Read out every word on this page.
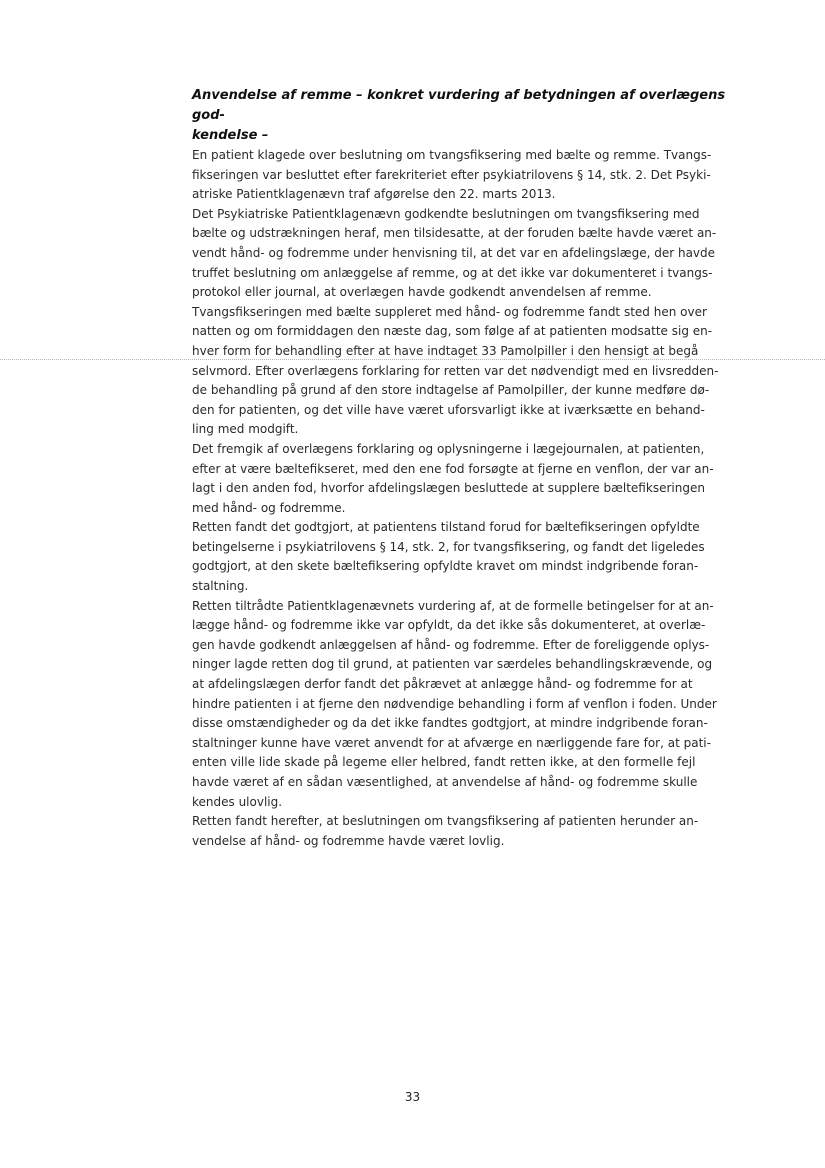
Anvendelse af remme – konkret vurdering af betydningen af overlægens god-
kendelse –
En patient klagede over beslutning om tvangsfiksering med bælte og remme. Tvangs-
fikseringen var besluttet efter farekriteriet efter psykiatrilovens § 14, stk. 2. Det Psyki-
atriske Patientklagenævn traf afgørelse den 22. marts 2013.
Det Psykiatriske Patientklagenævn godkendte beslutningen om tvangsfiksering med
bælte og udstrækningen heraf, men tilsidesatte, at der foruden bælte havde været an-
vendt hånd- og fodremme under henvisning til, at det var en afdelingslæge, der havde
truffet beslutning om anlæggelse af remme, og at det ikke var dokumenteret i tvangs-
protokol eller journal, at overlægen havde godkendt anvendelsen af remme.
Tvangsfikseringen med bælte suppleret med hånd- og fodremme fandt sted hen over
natten og om formiddagen den næste dag, som følge af at patienten modsatte sig en-
hver form for behandling efter at have indtaget 33 Pamolpiller i den hensigt at begå
selvmord. Efter overlægens forklaring for retten var det nødvendigt med en livsredden-
de behandling på grund af den store indtagelse af Pamolpiller, der kunne medføre dø-
den for patienten, og det ville have været uforsvarligt ikke at iværksætte en behand-
ling med modgift.
Det fremgik af overlægens forklaring og oplysningerne i lægejournalen, at patienten,
efter at være bæltefikseret, med den ene fod forsøgte at fjerne en venflon, der var an-
lagt i den anden fod, hvorfor afdelingslægen besluttede at supplere bæltefikseringen
med hånd- og fodremme.
Retten fandt det godtgjort, at patientens tilstand forud for bæltefikseringen opfyldte
betingelserne i psykiatrilovens § 14, stk. 2, for tvangsfiksering, og fandt det ligeledes
godtgjort, at den skete bæltefiksering opfyldte kravet om mindst indgribende foran-
staltning.
Retten tiltrådte Patientklagenævnets vurdering af, at de formelle betingelser for at an-
lægge hånd- og fodremme ikke var opfyldt, da det ikke sås dokumenteret, at overlæ-
gen havde godkendt anlæggelsen af hånd- og fodremme. Efter de foreliggende oplys-
ninger lagde retten dog til grund, at patienten var særdeles behandlingskrævende, og
at afdelingslægen derfor fandt det påkrævet at anlægge hånd- og fodremme for at
hindre patienten i at fjerne den nødvendige behandling i form af venflon i foden. Under
disse omstændigheder og da det ikke fandtes godtgjort, at mindre indgribende foran-
staltninger kunne have været anvendt for at afværge en nærliggende fare for, at pati-
enten ville lide skade på legeme eller helbred, fandt retten ikke, at den formelle fejl
havde været af en sådan væsentlighed, at anvendelse af hånd- og fodremme skulle
kendes ulovlig.
Retten fandt herefter, at beslutningen om tvangsfiksering af patienten herunder an-
vendelse af hånd- og fodremme havde været lovlig.
33
